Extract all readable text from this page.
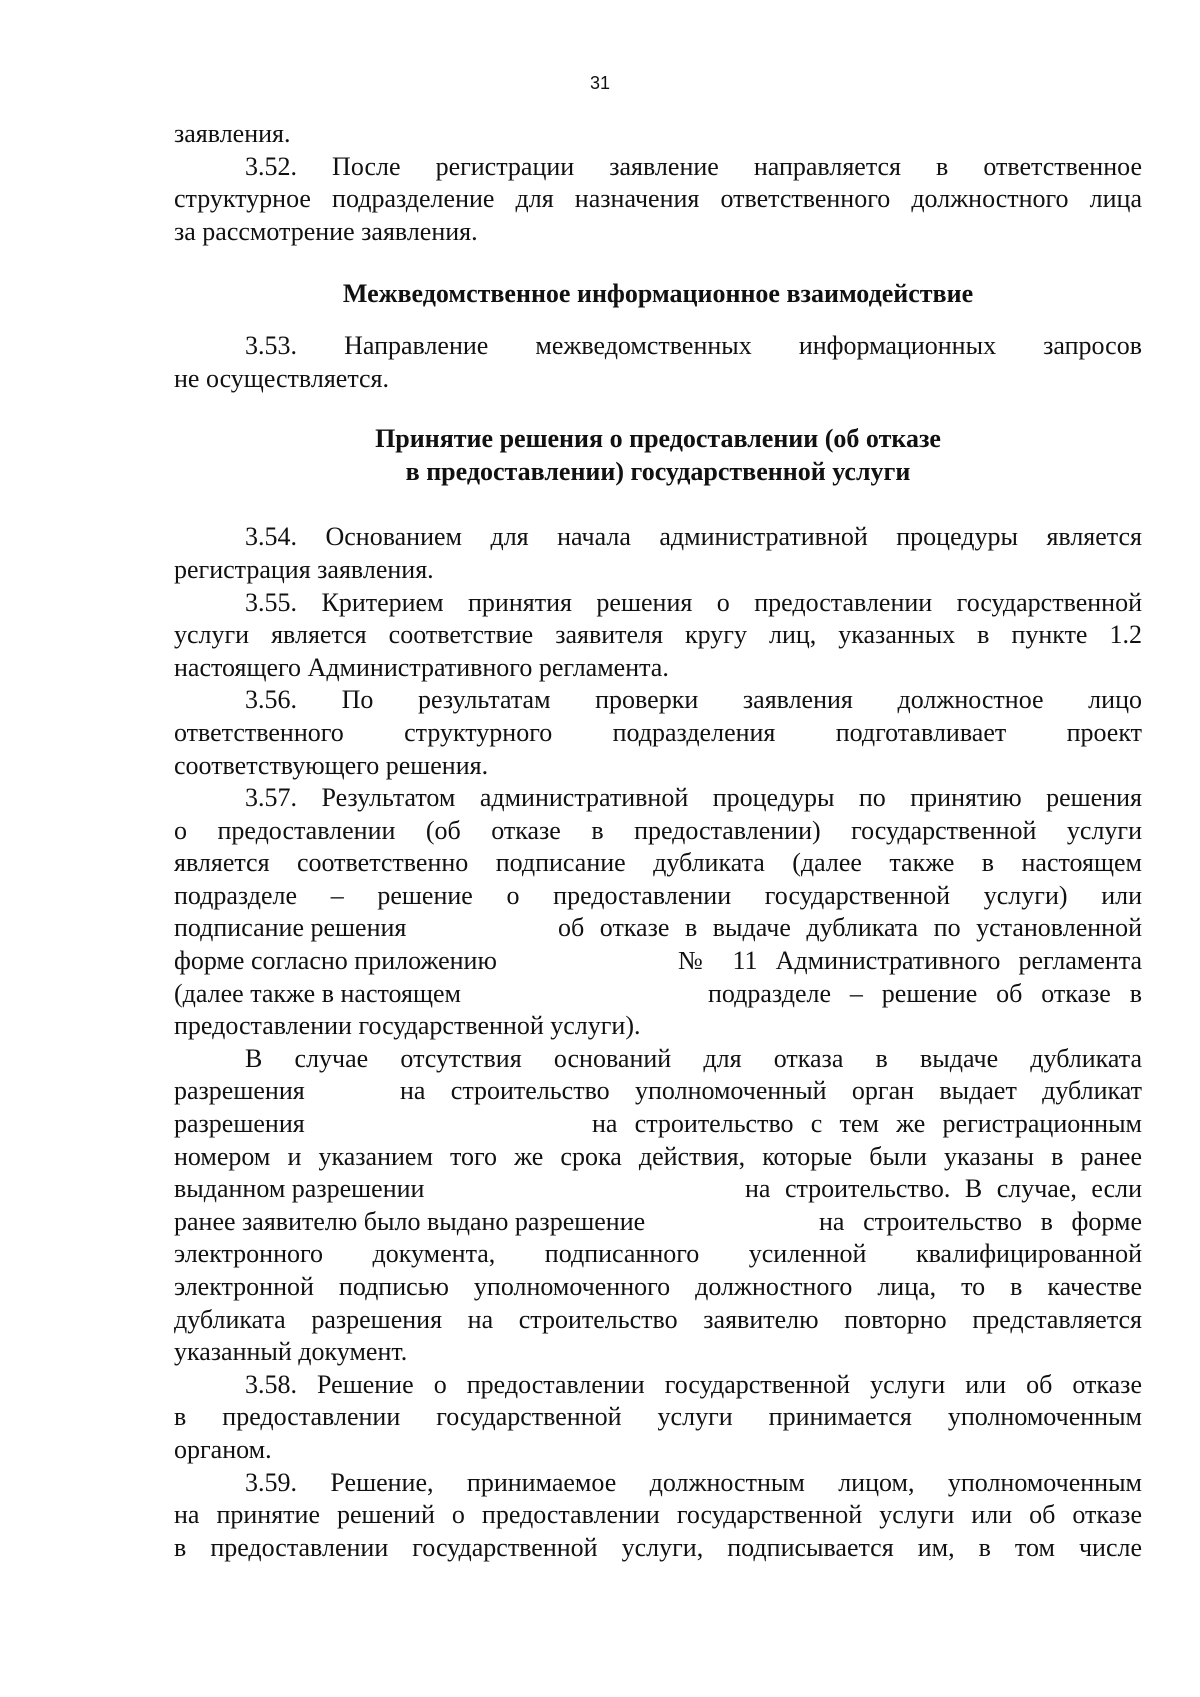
31
заявления.
3.52. После регистрации заявление направляется в ответственное
структурное подразделение для назначения ответственного должностного лица
за рассмотрение заявления.
Межведомственное информационное взаимодействие
3.53. Направление межведомственных информационных запросов
не осуществляется.
Принятие решения о предоставлении (об отказе
в предоставлении) государственной услуги
3.54. Основанием для начала административной процедуры является
регистрация заявления.
3.55. Критерием принятия решения о предоставлении государственной
услуги является соответствие заявителя кругу лиц, указанных в пункте 1.2
настоящего Административного регламента.
3.56. По результатам проверки заявления должностное лицо
ответственного структурного подразделения подготавливает проект
соответствующего решения.
3.57. Результатом административной процедуры по принятию решения
о предоставлении (об отказе в предоставлении) государственной услуги
является соответственно подписание дубликата (далее также в настоящем
подразделе – решение о предоставлении государственной услуги) или
подписание решения	об отказе в выдаче дубликата по установленной
форме согласно приложению	№ 11 Административного регламента
(далее также в настоящем	подразделе – решение об отказе в
предоставлении государственной услуги).
В случае отсутствия оснований для отказа в выдаче дубликата
разрешения	на строительство уполномоченный орган выдает дубликат
разрешения	на строительство с тем же регистрационным
номером и указанием того же срока действия, которые были указаны в ранее
выданном разрешении	на строительство. В случае, если
ранее заявителю было выдано разрешение	на строительство в форме
электронного документа, подписанного усиленной квалифицированной
электронной подписью уполномоченного должностного лица, то в качестве
дубликата разрешения на строительство заявителю повторно представляется
указанный документ.
3.58. Решение о предоставлении государственной услуги или об отказе
в предоставлении государственной услуги принимается уполномоченным
органом.
3.59. Решение, принимаемое должностным лицом, уполномоченным
на принятие решений о предоставлении государственной услуги или об отказе
в предоставлении государственной услуги, подписывается им, в том числе
